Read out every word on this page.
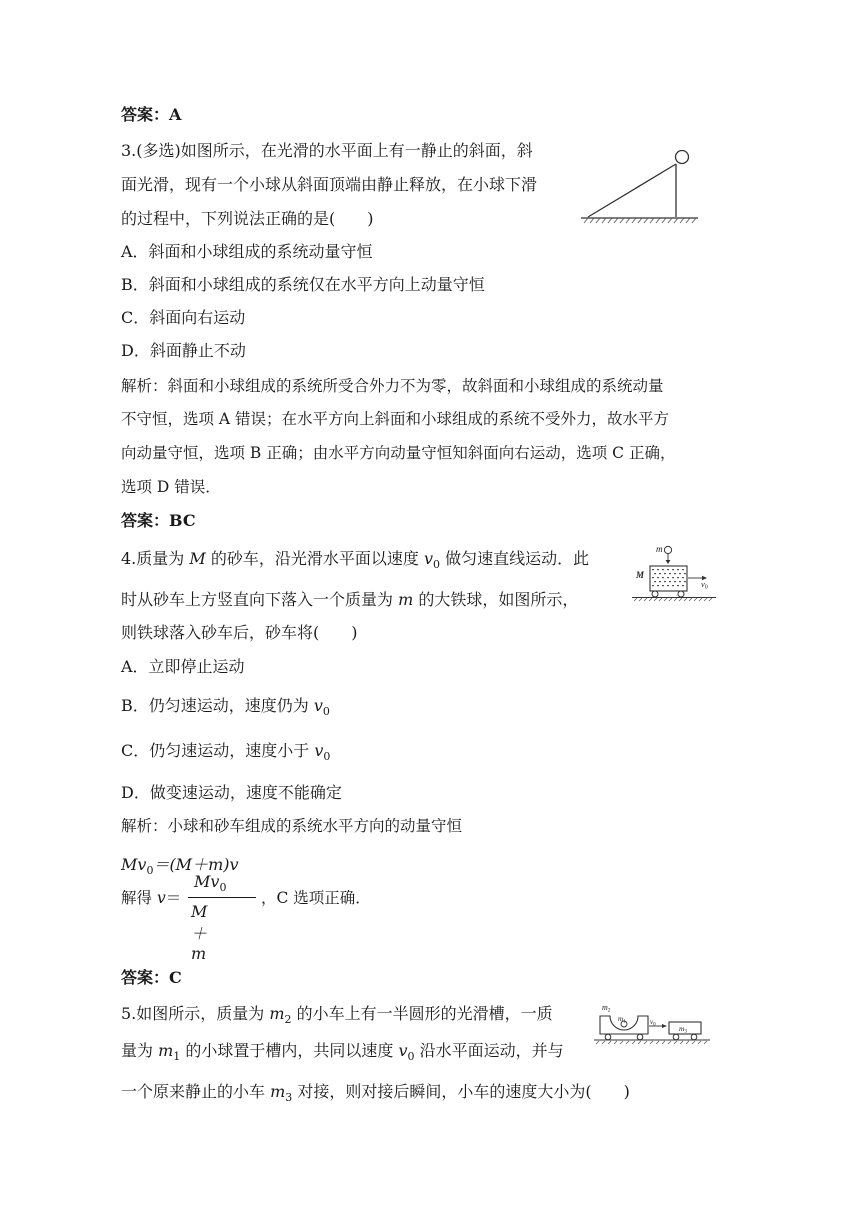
答案：A
3.(多选)如图所示，在光滑的水平面上有一静止的斜面，斜
面光滑，现有一个小球从斜面顶端由静止释放，在小球下滑
的过程中，下列说法正确的是(　　)
A．斜面和小球组成的系统动量守恒
B．斜面和小球组成的系统仅在水平方向上动量守恒
C．斜面向右运动
D．斜面静止不动
解析：斜面和小球组成的系统所受合外力不为零，故斜面和小球组成的系统动量
不守恒，选项 A 错误；在水平方向上斜面和小球组成的系统不受外力，故水平方
向动量守恒，选项 B 正确；由水平方向动量守恒知斜面向右运动，选项 C 正确，
选项 D 错误．
答案：BC
4.质量为 M 的砂车，沿光滑水平面以速度 $v_0$ 做匀速直线运动．此
时从砂车上方竖直向下落入一个质量为 m 的大铁球，如图所示，
则铁球落入砂车后，砂车将(　　)
A．立即停止运动
B．仍匀速运动，速度仍为 $v_0$
C．仍匀速运动，速度小于 $v_0$
D．做变速运动，速度不能确定
解析：小球和砂车组成的系统水平方向的动量守恒
$Mv_0=(M+m)v$
解得 v＝
$Mv_0$
M＋m
，C 选项正确．
答案：C
m
M
v0
5.如图所示，质量为 $m_2$ 的小车上有一半圆形的光滑槽，一质
量为 $m_1$ 的小球置于槽内，共同以速度 $v_0$ 沿水平面运动，并与
一个原来静止的小车 $m_3$ 对接，则对接后瞬间，小车的速度大小为(　　)
m2
$m_1$	$v_0$	$m_3$
